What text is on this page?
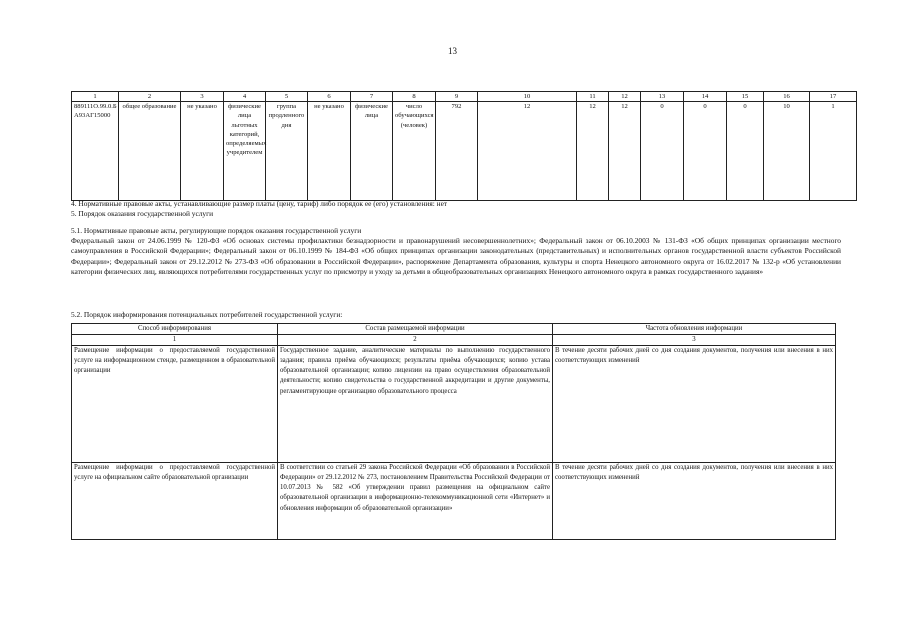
13
1	2	3	4	5	6	7	8	9	10	11	12	13	14	15	16	17
889111О.99.0.Б А93АГ15000	общее образование	не указано	физические лица льготных категорий, определяемых учредителем	группа продленного дня	не указано	физические лица	число обучающихся (человек)	792	12	12	12	0	0	0	10	1
4. Нормативные правовые акты, устанавливающие размер платы (цену, тариф) либо порядок ее (его) установления: нет
5. Порядок оказания государственной услуги
5.1. Нормативные правовые акты, регулирующие порядок оказания государственной услуги
Федеральный закон от 24.06.1999 № 120-ФЗ «Об основах системы профилактики безнадзорности и правонарушений несовершеннолетних»; Федеральный закон от 06.10.2003 № 131-ФЗ «Об общих принципах организации местного самоуправления в Российской Федерации»; Федеральный закон от 06.10.1999 № 184-ФЗ «Об общих принципах организации законодательных (представительных) и исполнительных органов государственной власти субъектов Российской Федерации»; Федеральный закон от 29.12.2012 № 273-ФЗ «Об образовании в Российской Федерации», распоряжение Департамента образования, культуры и спорта Ненецкого автономного округа от 16.02.2017 № 132-р «Об установлении категории физических лиц, являющихся потребителями государственных услуг по присмотру и уходу за детьми в общеобразовательных организациях Ненецкого автономного округа в рамках государственного задания»
5.2. Порядок информирования потенциальных потребителей государственной услуги:
Способ информирования	Состав размещаемой информации	Частота обновления информации
1	2	3
Размещение информации о предоставляемой государственной услуге на информационном стенде, размещенном в образовательной организации	Государственное задание, аналитические материалы по выполнению государственного задания; правила приёма обучающихся; результаты приёма обучающихся; копию устава образовательной организации; копию лицензии на право осуществления образовательной деятельности; копию свидетельства о государственной аккредитации и другие документы, регламентирующие организацию образовательного процесса	В течение десяти рабочих дней со дня создания документов, получения или внесения в них соответствующих изменений
Размещение информации о предоставляемой государственной услуге на официальном сайте образовательной организации	В соответствии со статьей 29 закона Российской Федерации «Об образовании в Российской Федерации» от 29.12.2012 № 273, постановлением Правительства Российской Федерации от 10.07.2013 № 582 «Об утверждении правил размещения на официальном сайте образовательной организации в информационно-телекоммуникационной сети «Интернет» и обновления информации об образовательной организации»	В течение десяти рабочих дней со дня создания документов, получения или внесения в них соответствующих изменений
